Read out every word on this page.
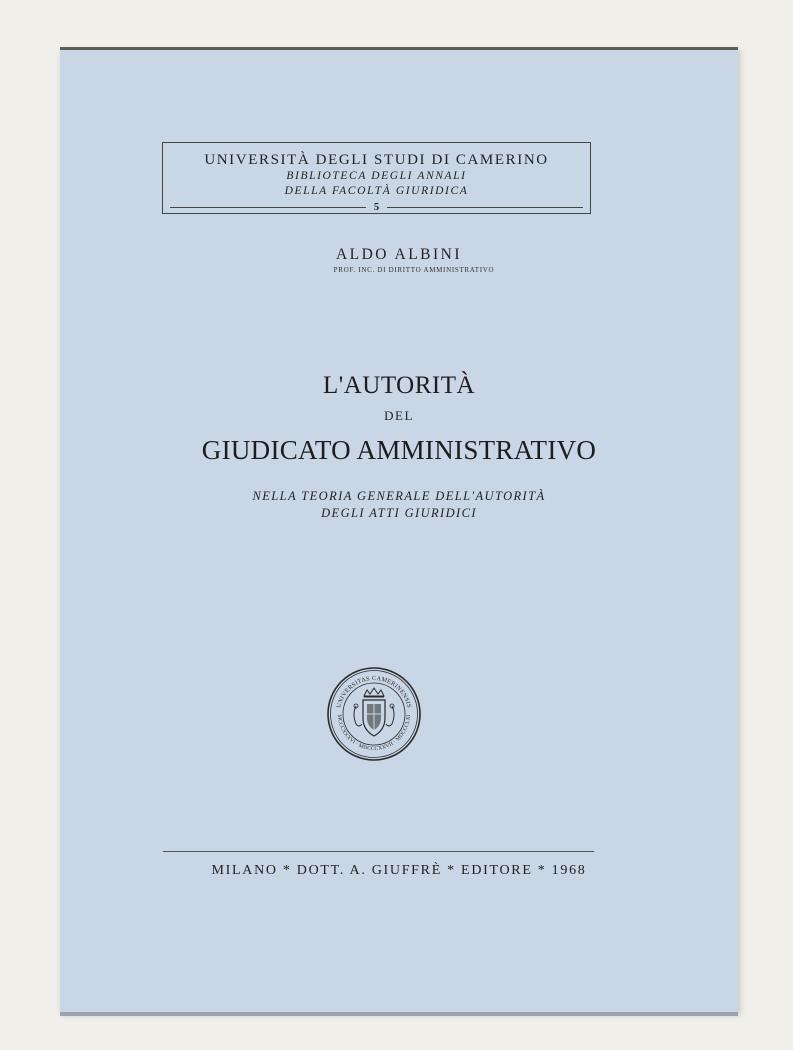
UNIVERSITÀ DEGLI STUDI DI CAMERINO
BIBLIOTECA DEGLI ANNALI
DELLA FACOLTÀ GIURIDICA
5
ALDO ALBINI
PROF. INC. DI DIRITTO AMMINISTRATIVO
L'AUTORITÀ
DEL
GIUDICATO AMMINISTRATIVO
NELLA TEORIA GENERALE DELL'AUTORITÀ
DEGLI ATTI GIURIDICI
UNIVERSITAS CAMERINENSIS
MCCCXXXVI · MDCCCXXVII · MDCCCLXI
MILANO * DOTT. A. GIUFFRÈ * EDITORE * 1968
